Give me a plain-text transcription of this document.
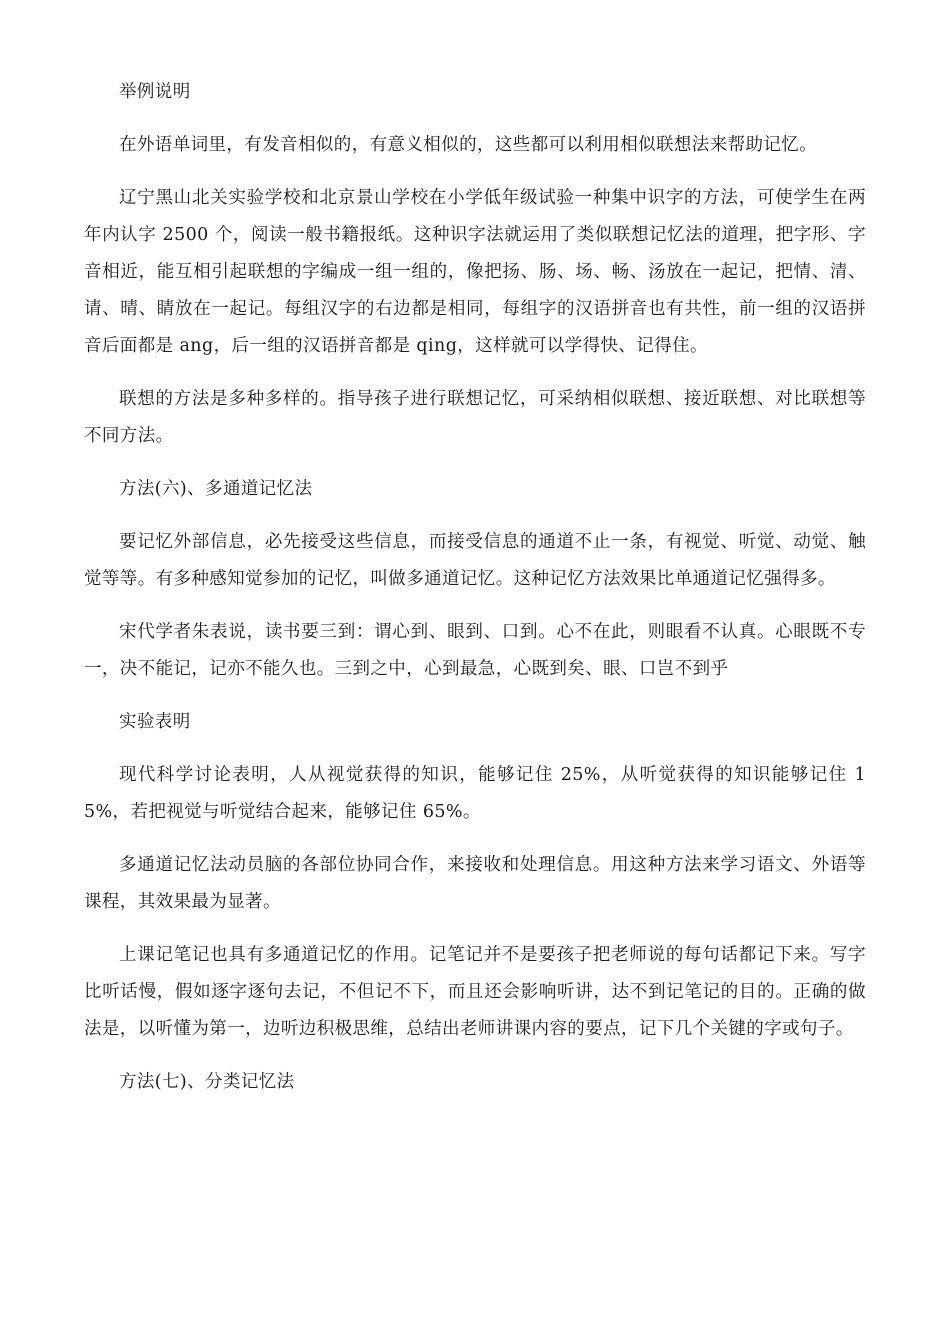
举例说明

在外语单词里，有发音相似的，有意义相似的，这些都可以利用相似联想法来帮助记忆。

辽宁黑山北关实验学校和北京景山学校在小学低年级试验一种集中识字的方法，可使学生在两年内认字 2500 个，阅读一般书籍报纸。这种识字法就运用了类似联想记忆法的道理，把字形、字音相近，能互相引起联想的字编成一组一组的，像把扬、肠、场、畅、汤放在一起记，把情、清、请、晴、睛放在一起记。每组汉字的右边都是相同，每组字的汉语拼音也有共性，前一组的汉语拼音后面都是 ang，后一组的汉语拼音都是 qing，这样就可以学得快、记得住。

联想的方法是多种多样的。指导孩子进行联想记忆，可采纳相似联想、接近联想、对比联想等不同方法。

方法(六)、多通道记忆法

要记忆外部信息，必先接受这些信息，而接受信息的通道不止一条，有视觉、听觉、动觉、触觉等等。有多种感知觉参加的记忆，叫做多通道记忆。这种记忆方法效果比单通道记忆强得多。

宋代学者朱表说，读书要三到：谓心到、眼到、口到。心不在此，则眼看不认真。心眼既不专一，决不能记，记亦不能久也。三到之中，心到最急，心既到矣、眼、口岂不到乎

实验表明

现代科学讨论表明，人从视觉获得的知识，能够记住 25%，从听觉获得的知识能够记住 15%，若把视觉与听觉结合起来，能够记住 65%。

多通道记忆法动员脑的各部位协同合作，来接收和处理信息。用这种方法来学习语文、外语等课程，其效果最为显著。

上课记笔记也具有多通道记忆的作用。记笔记并不是要孩子把老师说的每句话都记下来。写字比听话慢，假如逐字逐句去记，不但记不下，而且还会影响听讲，达不到记笔记的目的。正确的做法是，以听懂为第一，边听边积极思维，总结出老师讲课内容的要点，记下几个关键的字或句子。

方法(七)、分类记忆法
